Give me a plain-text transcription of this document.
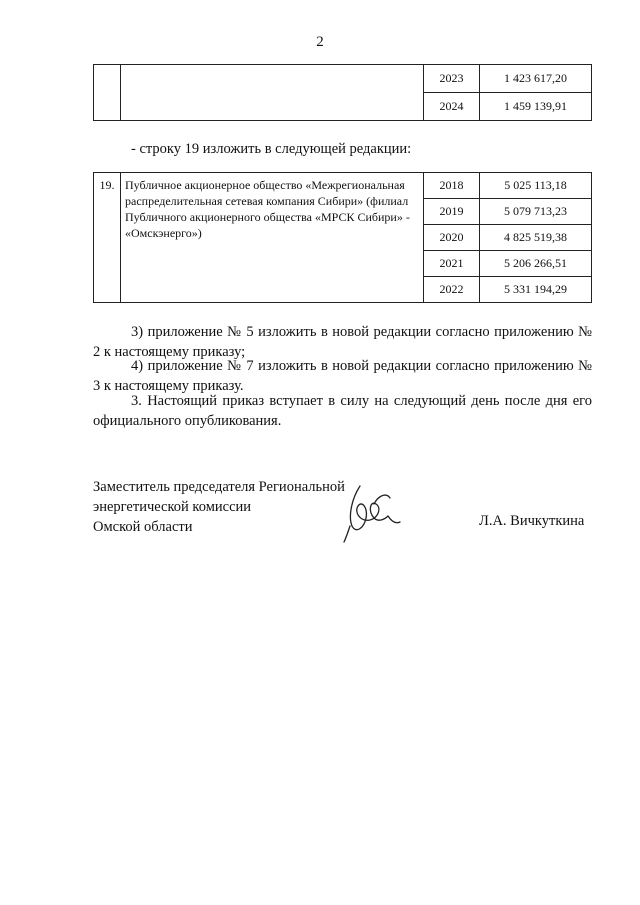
2
		2023	1 423 617,20
		2024	1 459 139,91
- строку 19 изложить в следующей редакции:
19.	Публичное акционерное общество «Межрегиональная распределительная сетевая компания Сибири» (филиал Публичного акционерного общества «МРСК Сибири» - «Омскэнерго»)	2018	5 025 113,18
		2019	5 079 713,23
		2020	4 825 519,38
		2021	5 206 266,51
		2022	5 331 194,29
3) приложение № 5 изложить в новой редакции согласно приложению № 2 к настоящему приказу;
4) приложение № 7 изложить в новой редакции согласно приложению № 3 к настоящему приказу.
3. Настоящий приказ вступает в силу на следующий день после дня его официального опубликования.
Заместитель председателя Региональной
энергетической комиссии
Омской области	Л.А. Вичкуткина
